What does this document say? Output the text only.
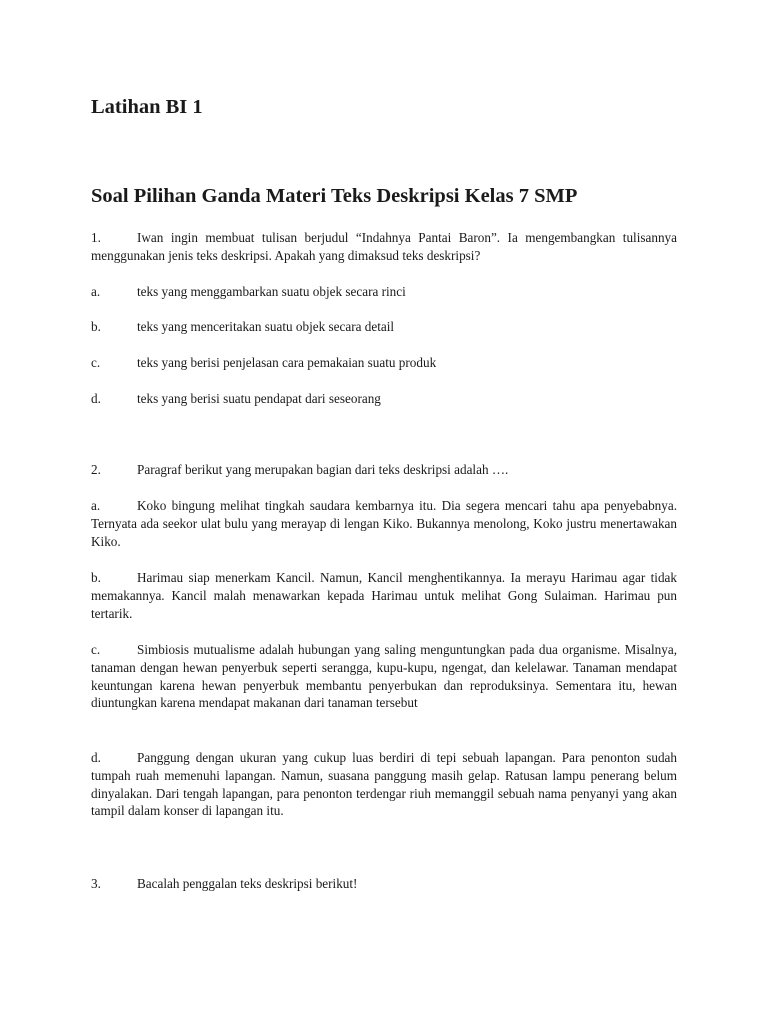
Latihan BI 1
Soal Pilihan Ganda Materi Teks Deskripsi Kelas 7 SMP

1.	Iwan ingin membuat tulisan berjudul “Indahnya Pantai Baron”. Ia mengembangkan tulisannya menggunakan jenis teks deskripsi. Apakah yang dimaksud teks deskripsi?

a.	teks yang menggambarkan suatu objek secara rinci

b.	teks yang menceritakan suatu objek secara detail

c.	teks yang berisi penjelasan cara pemakaian suatu produk

d.	teks yang berisi suatu pendapat dari seseorang

2.	Paragraf berikut yang merupakan bagian dari teks deskripsi adalah ….

a.	Koko bingung melihat tingkah saudara kembarnya itu. Dia segera mencari tahu apa penyebabnya. Ternyata ada seekor ulat bulu yang merayap di lengan Kiko. Bukannya menolong, Koko justru menertawakan Kiko.

b.	Harimau siap menerkam Kancil. Namun, Kancil menghentikannya. Ia merayu Harimau agar tidak memakannya. Kancil malah menawarkan kepada Harimau untuk melihat Gong Sulaiman. Harimau pun tertarik.

c.	Simbiosis mutualisme adalah hubungan yang saling menguntungkan pada dua organisme. Misalnya, tanaman dengan hewan penyerbuk seperti serangga, kupu-kupu, ngengat, dan kelelawar. Tanaman mendapat keuntungan karena hewan penyerbuk membantu penyerbukan dan reproduksinya. Sementara itu, hewan diuntungkan karena mendapat makanan dari tanaman tersebut

d.	Panggung dengan ukuran yang cukup luas berdiri di tepi sebuah lapangan. Para penonton sudah tumpah ruah memenuhi lapangan. Namun, suasana panggung masih gelap. Ratusan lampu penerang belum dinyalakan. Dari tengah lapangan, para penonton terdengar riuh memanggil sebuah nama penyanyi yang akan tampil dalam konser di lapangan itu.

3.	Bacalah penggalan teks deskripsi berikut!
